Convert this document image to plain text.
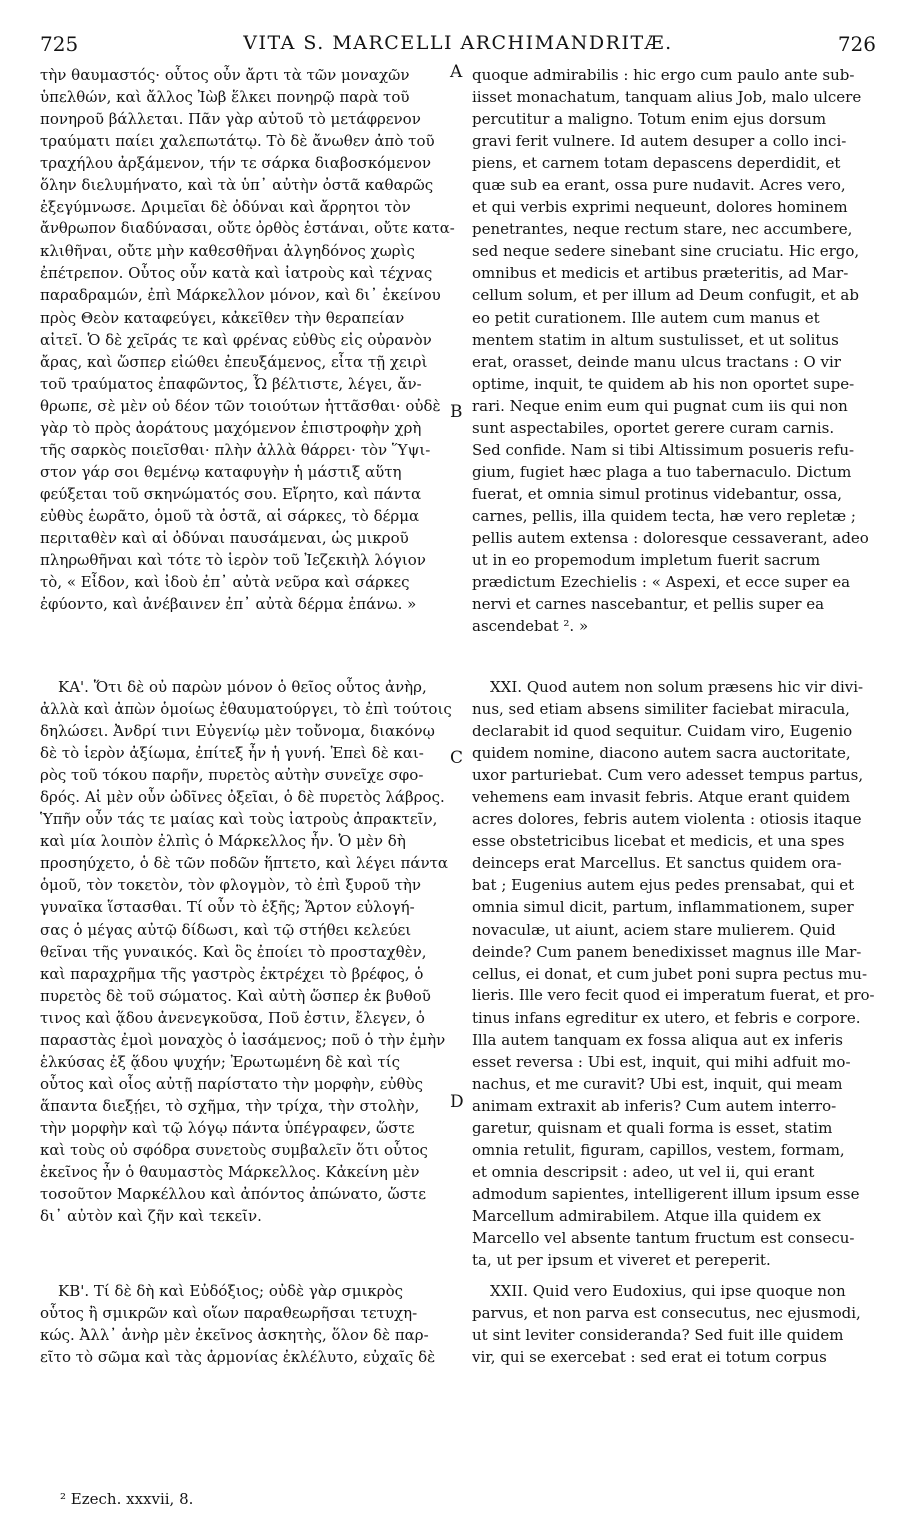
725	VITA S. MARCELLI ARCHIMANDRITÆ.	726
τὴν θαυμαστός· οὗτος οὖν ἄρτι τὰ τῶν μοναχῶν
ὑπελθών, καὶ ἄλλος Ἰὼβ ἕλκει πονηρῷ παρὰ τοῦ
πονηροῦ βάλλεται. Πᾶν γὰρ αὐτοῦ τὸ μετάφρενον
τραύματι παίει χαλεπωτάτῳ. Τὸ δὲ ἄνωθεν ἀπὸ τοῦ
τραχήλου ἀρξάμενον, τήν τε σάρκα διαβοσκόμενον
ὅλην διελυμήνατο, καὶ τὰ ὑπ᾽ αὐτὴν ὀστᾶ καθαρῶς
ἐξεγύμνωσε. Δριμεῖαι δὲ ὀδύναι καὶ ἄρρητοι τὸν
ἄνθρωπον διαδύνασαι, οὔτε ὀρθὸς ἑστάναι, οὔτε κατα-
κλιθῆναι, οὔτε μὴν καθεσθῆναι ἀλγηδόνος χωρὶς
ἐπέτρεπον. Οὗτος οὖν κατὰ καὶ ἰατροὺς καὶ τέχνας
παραδραμών, ἐπὶ Μάρκελλον μόνον, καὶ δι᾽ ἐκείνου
πρὸς Θεὸν καταφεύγει, κἀκεῖθεν τὴν θεραπείαν
αἰτεῖ. Ὁ δὲ χεῖράς τε καὶ φρένας εὐθὺς εἰς οὐρανὸν
ἄρας, καὶ ὥσπερ εἰώθει ἐπευξάμενος, εἶτα τῇ χειρὶ
τοῦ τραύματος ἐπαφῶντος, Ὦ βέλτιστε, λέγει, ἄν-
θρωπε, σὲ μὲν οὐ δέον τῶν τοιούτων ἡττᾶσθαι· οὐδὲ
γὰρ τὸ πρὸς ἀοράτους μαχόμενον ἐπιστροφὴν χρὴ
τῆς σαρκὸς ποιεῖσθαι· πλὴν ἀλλὰ θάρρει· τὸν Ὕψι-
στον γάρ σοι θεμένῳ καταφυγὴν ἡ μάστιξ αὕτη
φεύξεται τοῦ σκηνώματός σου. Εἴρητο, καὶ πάντα
εὐθὺς ἑωρᾶτο, ὁμοῦ τὰ ὀστᾶ, αἱ σάρκες, τὸ δέρμα
περιταθὲν καὶ αἱ ὀδύναι παυσάμεναι, ὡς μικροῦ
πληρωθῆναι καὶ τότε τὸ ἱερὸν τοῦ Ἰεζεκιὴλ λόγιον
τὸ, « Εἶδον, καὶ ἰδοὺ ἐπ᾽ αὐτὰ νεῦρα καὶ σάρκες
ἐφύοντο, καὶ ἀνέβαινεν ἐπ᾽ αὐτὰ δέρμα ἐπάνω. »
ΚΑ'. Ὅτι δὲ οὐ παρὼν μόνον ὁ θεῖος οὗτος ἀνὴρ,
ἀλλὰ καὶ ἀπὼν ὁμοίως ἐθαυματούργει, τὸ ἐπὶ τούτοις
δηλώσει. Ἀνδρί τινι Εὐγενίῳ μὲν τοὔνομα, διακόνῳ
δὲ τὸ ἱερὸν ἀξίωμα, ἐπίτεξ ἦν ἡ γυνή. Ἐπεὶ δὲ και-
ρὸς τοῦ τόκου παρῆν, πυρετὸς αὐτὴν συνεῖχε σφο-
δρός. Αἱ μὲν οὖν ὠδῖνες ὀξεῖαι, ὁ δὲ πυρετὸς λάβρος.
Ὑπῆν οὖν τάς τε μαίας καὶ τοὺς ἰατροὺς ἀπρακτεῖν,
καὶ μία λοιπὸν ἐλπὶς ὁ Μάρκελλος ἦν. Ὁ μὲν δὴ
προσηύχετο, ὁ δὲ τῶν ποδῶν ἥπτετο, καὶ λέγει πάντα
ὁμοῦ, τὸν τοκετὸν, τὸν φλογμὸν, τὸ ἐπὶ ξυροῦ τὴν
γυναῖκα ἵστασθαι. Τί οὖν τὸ ἑξῆς; Ἄρτον εὐλογή-
σας ὁ μέγας αὐτῷ δίδωσι, καὶ τῷ στήθει κελεύει
θεῖναι τῆς γυναικός. Καὶ ὃς ἐποίει τὸ προσταχθὲν,
καὶ παραχρῆμα τῆς γαστρὸς ἐκτρέχει τὸ βρέφος, ὁ
πυρετὸς δὲ τοῦ σώματος. Καὶ αὐτὴ ὥσπερ ἐκ βυθοῦ
τινος καὶ ᾅδου ἀνενεγκοῦσα, Ποῦ ἐστιν, ἔλεγεν, ὁ
παραστὰς ἐμοὶ μοναχὸς ὁ ἰασάμενος; ποῦ ὁ τὴν ἐμὴν
ἑλκύσας ἐξ ᾅδου ψυχήν; Ἐρωτωμένη δὲ καὶ τίς
οὗτος καὶ οἷος αὐτῇ παρίστατο τὴν μορφὴν, εὐθὺς
ἅπαντα διεξῄει, τὸ σχῆμα, τὴν τρίχα, τὴν στολὴν,
τὴν μορφὴν καὶ τῷ λόγῳ πάντα ὑπέγραφεν, ὥστε
καὶ τοὺς οὐ σφόδρα συνετοὺς συμβαλεῖν ὅτι οὗτος
ἐκεῖνος ἦν ὁ θαυμαστὸς Μάρκελλος. Κἀκείνη μὲν
τοσοῦτον Μαρκέλλου καὶ ἀπόντος ἀπώνατο, ὥστε
δι᾽ αὐτὸν καὶ ζῆν καὶ τεκεῖν.
ΚΒ'. Τί δὲ δὴ καὶ Εὐδόξιος; οὐδὲ γὰρ σμικρὸς
οὗτος ἢ σμικρῶν καὶ οἵων παραθεωρῆσαι τετυχη-
κώς. Ἀλλ᾽ ἀνὴρ μὲν ἐκεῖνος ἀσκητὴς, ὅλον δὲ παρ-
εῖτο τὸ σῶμα καὶ τὰς ἁρμονίας ἐκλέλυτο, εὐχαῖς δὲ
quoque admirabilis : hic ergo cum paulo ante sub-
iisset monachatum, tanquam alius Job, malo ulcere
percutitur a maligno. Totum enim ejus dorsum
gravi ferit vulnere. Id autem desuper a collo inci-
piens, et carnem totam depascens deperdidit, et
quæ sub ea erant, ossa pure nudavit. Acres vero,
et qui verbis exprimi nequeunt, dolores hominem
penetrantes, neque rectum stare, nec accumbere,
sed neque sedere sinebant sine cruciatu. Hic ergo,
omnibus et medicis et artibus præteritis, ad Mar-
cellum solum, et per illum ad Deum confugit, et ab
eo petit curationem. Ille autem cum manus et
mentem statim in altum sustulisset, et ut solitus
erat, orasset, deinde manu ulcus tractans : O vir
optime, inquit, te quidem ab his non oportet supe-
rari. Neque enim eum qui pugnat cum iis qui non
sunt aspectabiles, oportet gerere curam carnis.
Sed confide. Nam si tibi Altissimum posueris refu-
gium, fugiet hæc plaga a tuo tabernaculo. Dictum
fuerat, et omnia simul protinus videbantur, ossa,
carnes, pellis, illa quidem tecta, hæ vero repletæ ;
pellis autem extensa : doloresque cessaverant, adeo
ut in eo propemodum impletum fuerit sacrum
prædictum Ezechielis : « Aspexi, et ecce super ea
nervi et carnes nascebantur, et pellis super ea
ascendebat ². »
XXI. Quod autem non solum præsens hic vir divi-
nus, sed etiam absens similiter faciebat miracula,
declarabit id quod sequitur. Cuidam viro, Eugenio
quidem nomine, diacono autem sacra auctoritate,
uxor parturiebat. Cum vero adesset tempus partus,
vehemens eam invasit febris. Atque erant quidem
acres dolores, febris autem violenta : otiosis itaque
esse obstetricibus licebat et medicis, et una spes
deinceps erat Marcellus. Et sanctus quidem ora-
bat ; Eugenius autem ejus pedes prensabat, qui et
omnia simul dicit, partum, inflammationem, super
novaculæ, ut aiunt, aciem stare mulierem. Quid
deinde? Cum panem benedixisset magnus ille Mar-
cellus, ei donat, et cum jubet poni supra pectus mu-
lieris. Ille vero fecit quod ei imperatum fuerat, et pro-
tinus infans egreditur ex utero, et febris e corpore.
Illa autem tanquam ex fossa aliqua aut ex inferis
esset reversa : Ubi est, inquit, qui mihi adfuit mo-
nachus, et me curavit? Ubi est, inquit, qui meam
animam extraxit ab inferis? Cum autem interro-
garetur, quisnam et quali forma is esset, statim
omnia retulit, figuram, capillos, vestem, formam,
et omnia descripsit : adeo, ut vel ii, qui erant
admodum sapientes, intelligerent illum ipsum esse
Marcellum admirabilem. Atque illa quidem ex
Marcello vel absente tantum fructum est consecu-
ta, ut per ipsum et viveret et pereperit.
XXII. Quid vero Eudoxius, qui ipse quoque non
parvus, et non parva est consecutus, nec ejusmodi,
ut sint leviter consideranda? Sed fuit ille quidem
vir, qui se exercebat : sed erat ei totum corpus
A
B
C
D
² Ezech. xxxvii, 8.
